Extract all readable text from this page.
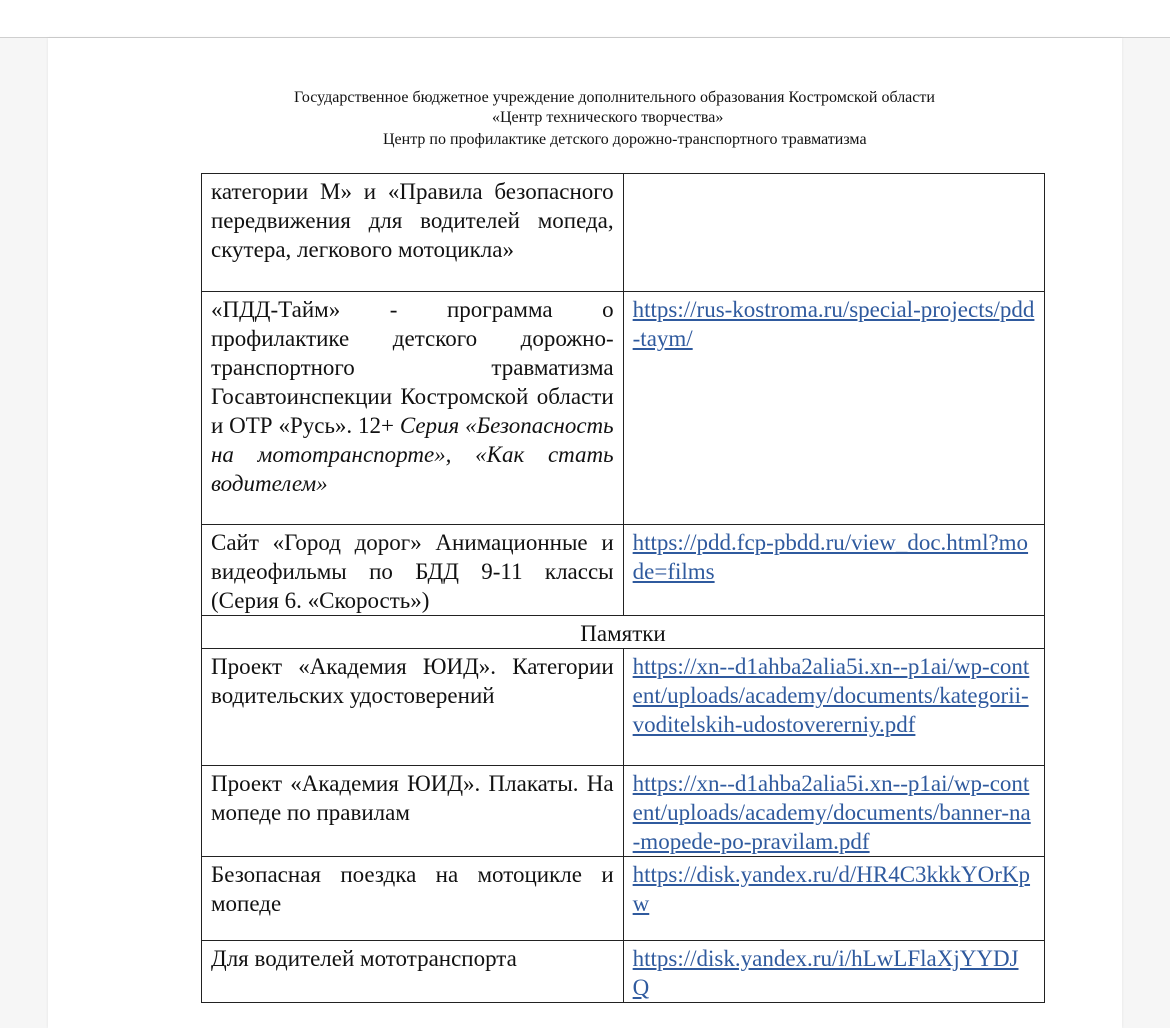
Государственное бюджетное учреждение дополнительного образования Костромской области
«Центр технического творчества»
Центр по профилактике детского дорожно-транспортного травматизма
категории М» и «Правила безопасного передвижения для водителей мопеда, скутера, легкового мотоцикла»	
«ПДД-Тайм» - программа о профилактике детского дорожно-транспортного травматизма Госавтоинспекции Костромской области и ОТР «Русь». 12+ Серия «Безопасность на мототранспорте», «Как стать водителем»	https://rus-kostroma.ru/special-projects/pdd-taym/
Сайт «Город дорог» Анимационные и видеофильмы по БДД 9-11 классы (Серия 6. «Скорость»)	https://pdd.fcp-pbdd.ru/view_doc.html?mode=films
Памятки	
Проект «Академия ЮИД». Категории водительских удостоверений	https://xn--d1ahba2alia5i.xn--p1ai/wp-content/uploads/academy/documents/kategorii-voditelskih-udostovererniy.pdf
Проект «Академия ЮИД». Плакаты. На мопеде по правилам	https://xn--d1ahba2alia5i.xn--p1ai/wp-content/uploads/academy/documents/banner-na-mopede-po-pravilam.pdf
Безопасная поездка на мотоцикле и мопеде	https://disk.yandex.ru/d/HR4C3kkkYOrKpw
Для водителей мототранспорта	https://disk.yandex.ru/i/hLwLFlaXjYYDJQ
